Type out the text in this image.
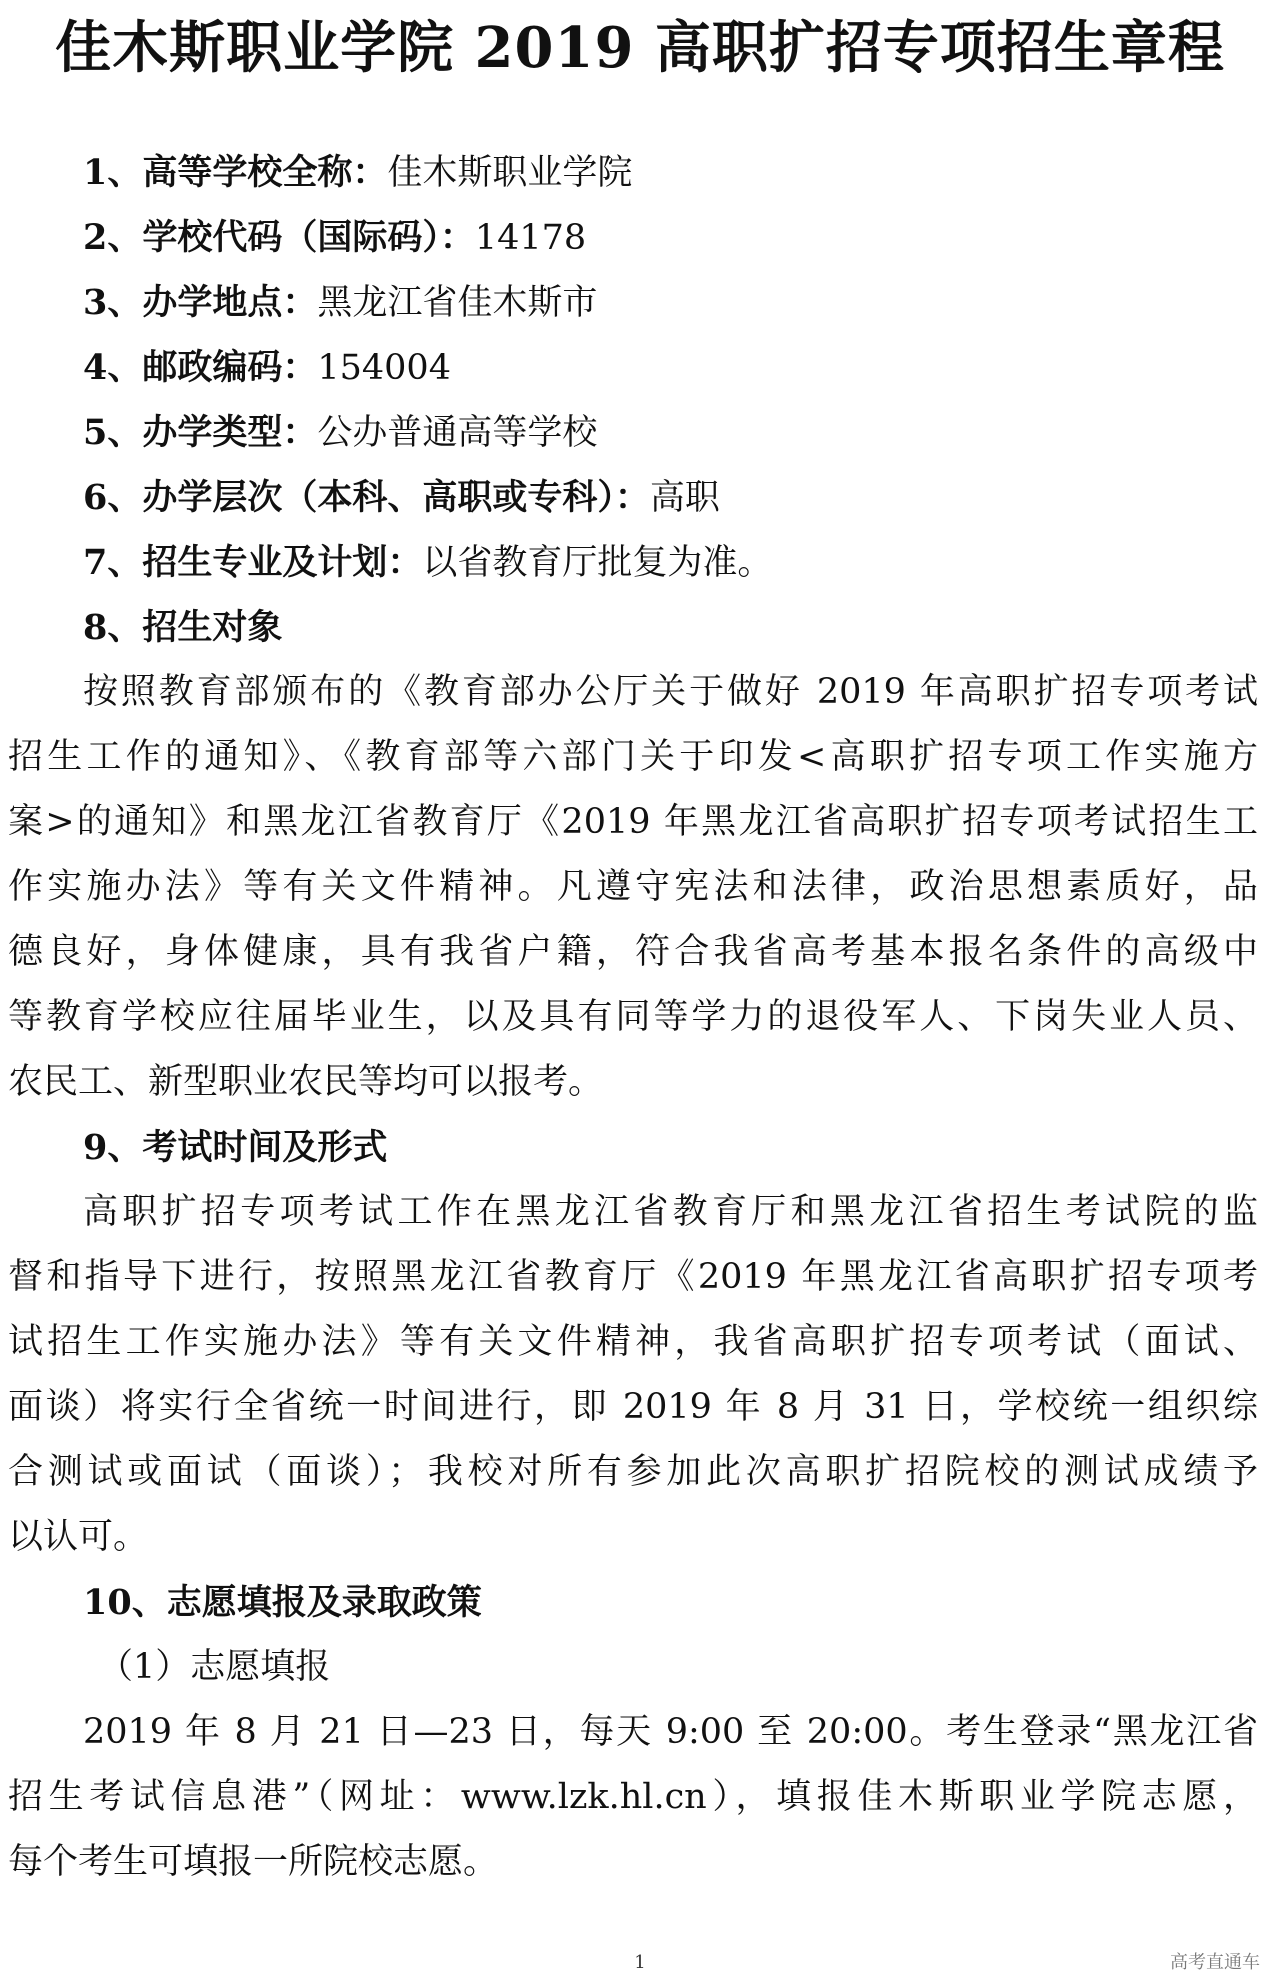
佳木斯职业学院 2019 高职扩招专项招生章程
1、高等学校全称：佳木斯职业学院
2、学校代码（国际码）：14178
3、办学地点：黑龙江省佳木斯市
4、邮政编码：154004
5、办学类型：公办普通高等学校
6、办学层次（本科、高职或专科）：高职
7、招生专业及计划：以省教育厅批复为准。
8、招生对象
按照教育部颁布的《教育部办公厅关于做好 2019 年高职扩招专项考试
招生工作的通知》、《教育部等六部门关于印发<高职扩招专项工作实施方
案>的通知》和黑龙江省教育厅《2019 年黑龙江省高职扩招专项考试招生工
作实施办法》等有关文件精神。凡遵守宪法和法律，政治思想素质好，品
德良好，身体健康，具有我省户籍，符合我省高考基本报名条件的高级中
等教育学校应往届毕业生，以及具有同等学力的退役军人、下岗失业人员、
农民工、新型职业农民等均可以报考。
9、考试时间及形式
高职扩招专项考试工作在黑龙江省教育厅和黑龙江省招生考试院的监
督和指导下进行，按照黑龙江省教育厅《2019 年黑龙江省高职扩招专项考
试招生工作实施办法》等有关文件精神，我省高职扩招专项考试（面试、
面谈）将实行全省统一时间进行，即 2019 年 8 月 31 日，学校统一组织综
合测试或面试（面谈）；我校对所有参加此次高职扩招院校的测试成绩予
以认可。
10、志愿填报及录取政策
（1）志愿填报
2019 年 8 月 21 日—23 日，每天 9:00 至 20:00。考生登录“黑龙江省
招生考试信息港”（网址：www.lzk.hl.cn），填报佳木斯职业学院志愿，
每个考生可填报一所院校志愿。
高考直通车
1
